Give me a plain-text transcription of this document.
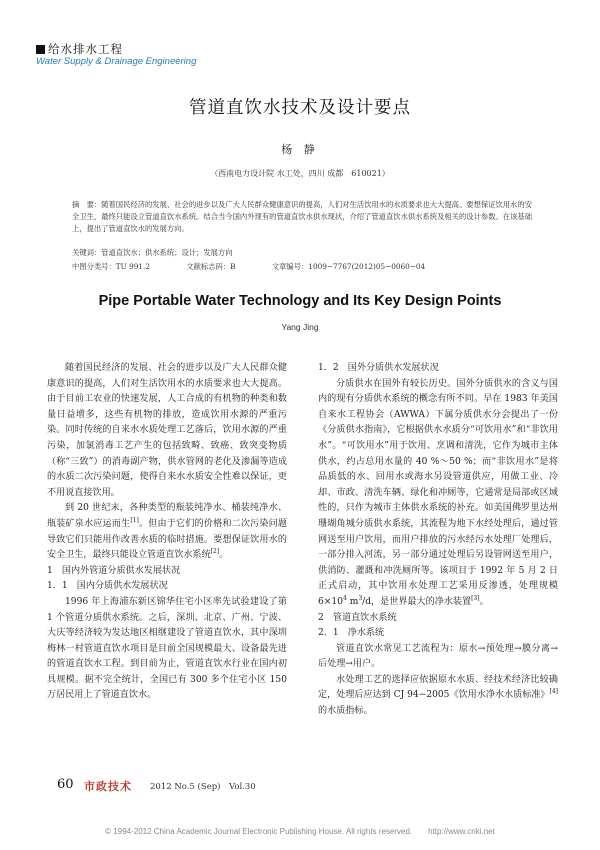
给水排水工程
Water Supply & Drainage Engineering
管道直饮水技术及设计要点
杨 静
（西南电力设计院 水工处，四川 成都　610021）
摘　要：随着国民经济的发展、社会的进步以及广大人民群众健康意识的提高，人们对生活饮用水的水质要求也大大提高。要想保证饮用水的安全卫生，最终只能设立管道直饮水系统。结合当今国内外现有的管道直饮水供水现状，介绍了管道直饮水供水系统及相关的设计参数。在该基础上，提出了管道直饮水的发展方向。
关键词：管道直饮水；供水系统；设计；发展方向
中图分类号：TU 991.2	文献标志码：B	文章编号：1009−7767(2012)05−0060−04
Pipe Portable Water Technology and Its Key Design Points
Yang Jing

随着国民经济的发展、社会的进步以及广大人民群众健康意识的提高，人们对生活饮用水的水质要求也大大提高。由于目前工农业的快速发展，人工合成的有机物的种类和数量日益增多，这些有机物的排放，造成饮用水源的严重污染。同时传统的自来水水质处理工艺落后，饮用水源的严重污染，加氯消毒工艺产生的包括致畸、致癌、致突变物质（称“三致”）的消毒副产物，供水管网的老化及渗漏等造成的水质二次污染问题，使得自来水水质安全性难以保证，更不用说直接饮用。

到 20 世纪末，各种类型的瓶装纯净水、桶装纯净水、瓶装矿泉水应运而生[1]。但由于它们的价格和二次污染问题导致它们只能用作改善水质的临时措施。要想保证饮用水的安全卫生，最终只能设立管道直饮水系统[2]。

1　国内外管道分质供水发展状况

1．1　国内分质供水发展状况

1996 年上海浦东新区锦华住宅小区率先试验建设了第 1 个管道分质供水系统。之后，深圳、北京、广州、宁波、大庆等经济较为发达地区相继建设了管道直饮水，其中深圳梅林一村管道直饮水项目是目前全国规模最大、设备最先进的管道直饮水工程。到目前为止，管道直饮水行业在国内初具规模。据不完全统计，全国已有 300 多个住宅小区 150 万居民用上了管道直饮水。

1．2　国外分质供水发展状况

分质供水在国外有较长历史。国外分质供水的含义与国内的现有分质供水系统的概念有所不同。早在 1983 年美国自来水工程协会（AWWA）下属分质供水分会提出了一份《分质供水指南》，它根据供水水质分“可饮用水”和“非饮用水”。“可饮用水”用于饮用、烹调和清洗，它作为城市主体供水，约占总用水量的 40 %～50 %；而“非饮用水”是将品质低的水、回用水或海水另设管道供应，用做工业、冷却、市政、清洗车辆、绿化和冲厕等，它通常是局部或区域性的，只作为城市主体供水系统的补充。如美国佛罗里达州珊瑚角城分质供水系统，其流程为地下水经处理后，通过管网送至用户饮用，而用户排放的污水经污水处理厂处理后，一部分排入河流，另一部分通过处理后另设管网送至用户，供消防、灌溉和冲洗厕所等。该项目于 1992 年 5 月 2 日正式启动，其中饮用水处理工艺采用反渗透，处理规模 $6\times 10^4$ $m^3/d$，是世界最大的净水装置[3]。

2　管道直饮水系统

2．1　净水系统

管道直饮水常见工艺流程为：原水→预处理→膜分离→后处理→用户。

水处理工艺的选择应依据原水水质、经技术经济比较确定，处理后应达到 CJ 94−2005《饮用水净水水质标准》[4]的水质指标。

60 市政技术 2012 No.5 (Sep)　Vol.30
© 1994-2012 China Academic Journal Electronic Publishing House. All rights reserved.　　http://www.cnki.net
